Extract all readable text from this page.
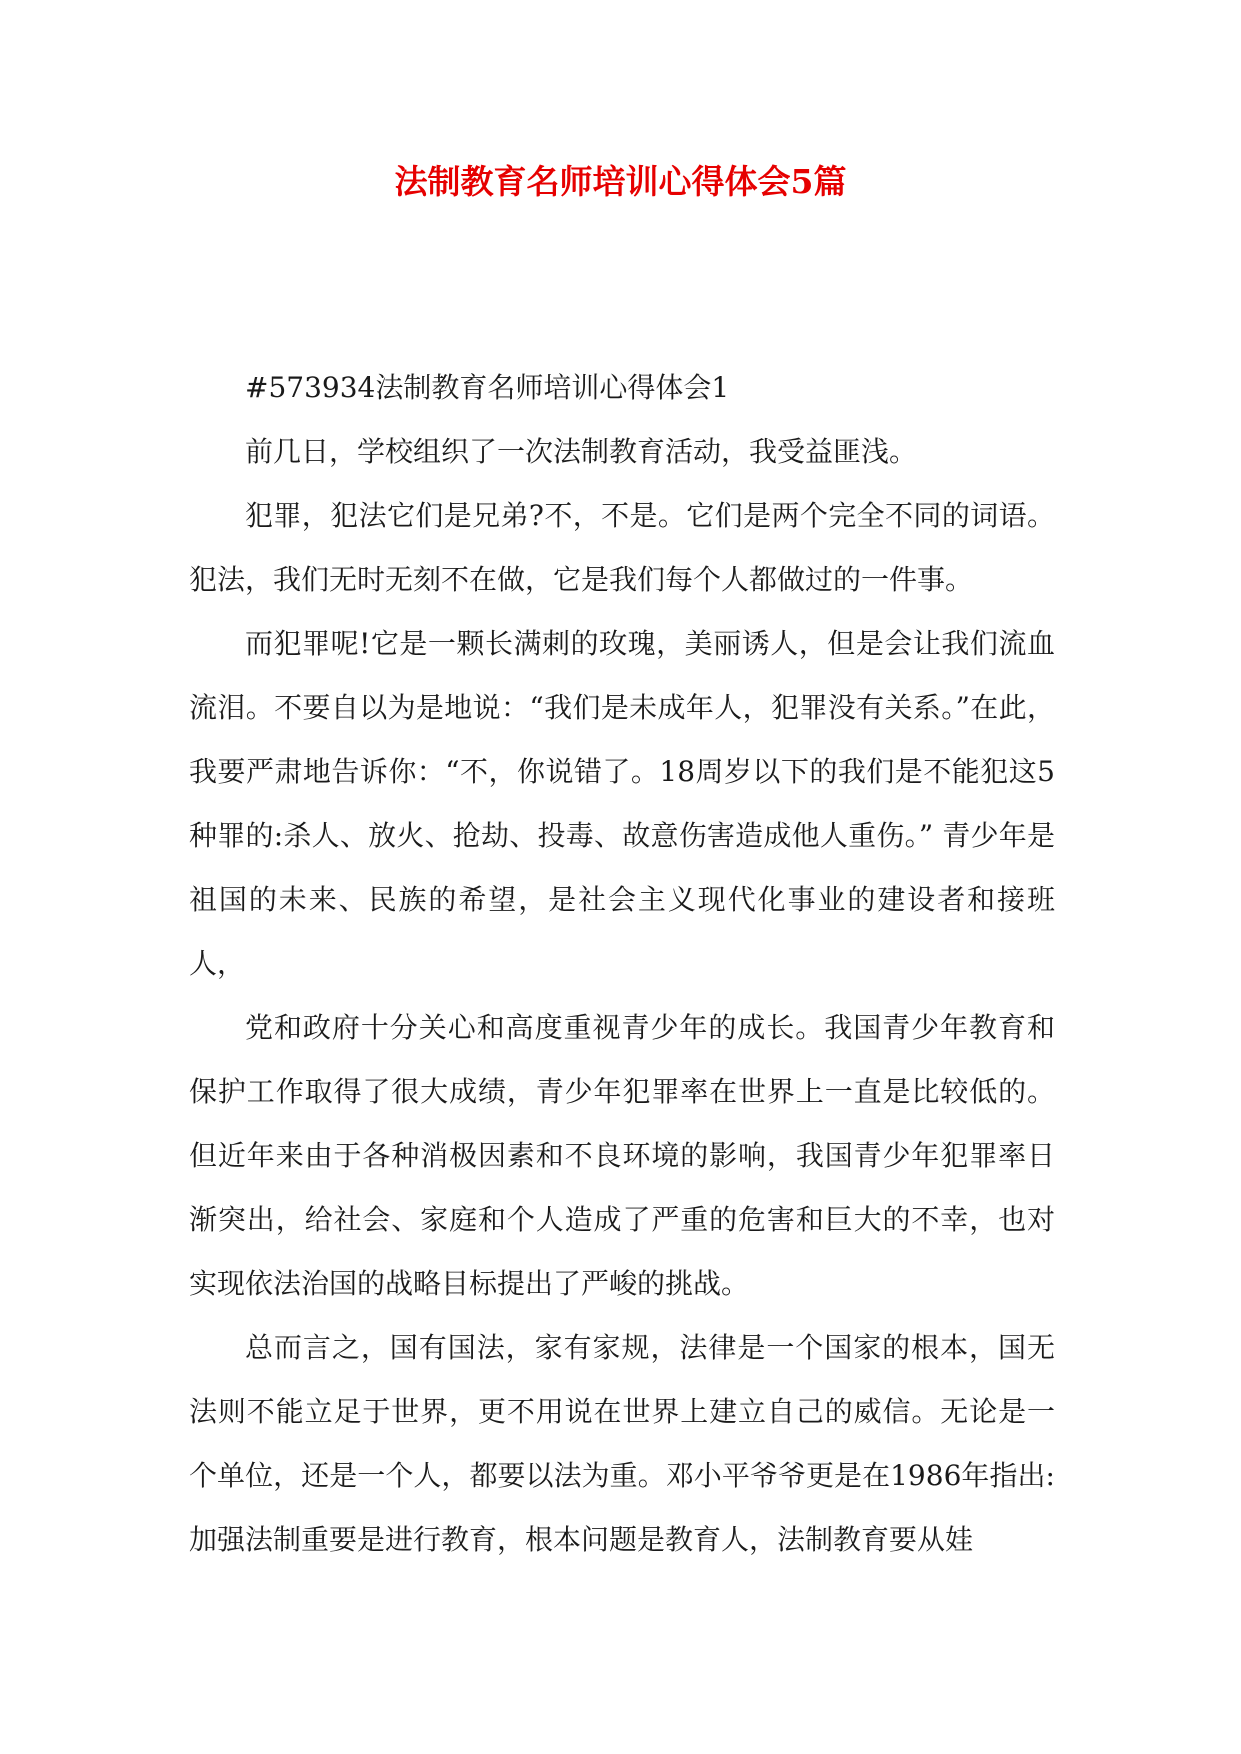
法制教育名师培训心得体会5篇

#573934法制教育名师培训心得体会1

前几日，学校组织了一次法制教育活动，我受益匪浅。

犯罪，犯法它们是兄弟?不，不是。它们是两个完全不同的词语。犯法，我们无时无刻不在做，它是我们每个人都做过的一件事。

而犯罪呢!它是一颗长满刺的玫瑰，美丽诱人，但是会让我们流血流泪。不要自以为是地说：“我们是未成年人，犯罪没有关系。”在此，我要严肃地告诉你：“不，你说错了。18周岁以下的我们是不能犯这5种罪的:杀人、放火、抢劫、投毒、故意伤害造成他人重伤。” 青少年是祖国的未来、民族的希望，是社会主义现代化事业的建设者和接班人，

党和政府十分关心和高度重视青少年的成长。我国青少年教育和保护工作取得了很大成绩，青少年犯罪率在世界上一直是比较低的。但近年来由于各种消极因素和不良环境的影响，我国青少年犯罪率日渐突出，给社会、家庭和个人造成了严重的危害和巨大的不幸，也对实现依法治国的战略目标提出了严峻的挑战。

总而言之，国有国法，家有家规，法律是一个国家的根本，国无法则不能立足于世界，更不用说在世界上建立自己的威信。无论是一个单位，还是一个人，都要以法为重。邓小平爷爷更是在1986年指出:加强法制重要是进行教育，根本问题是教育人，法制教育要从娃
